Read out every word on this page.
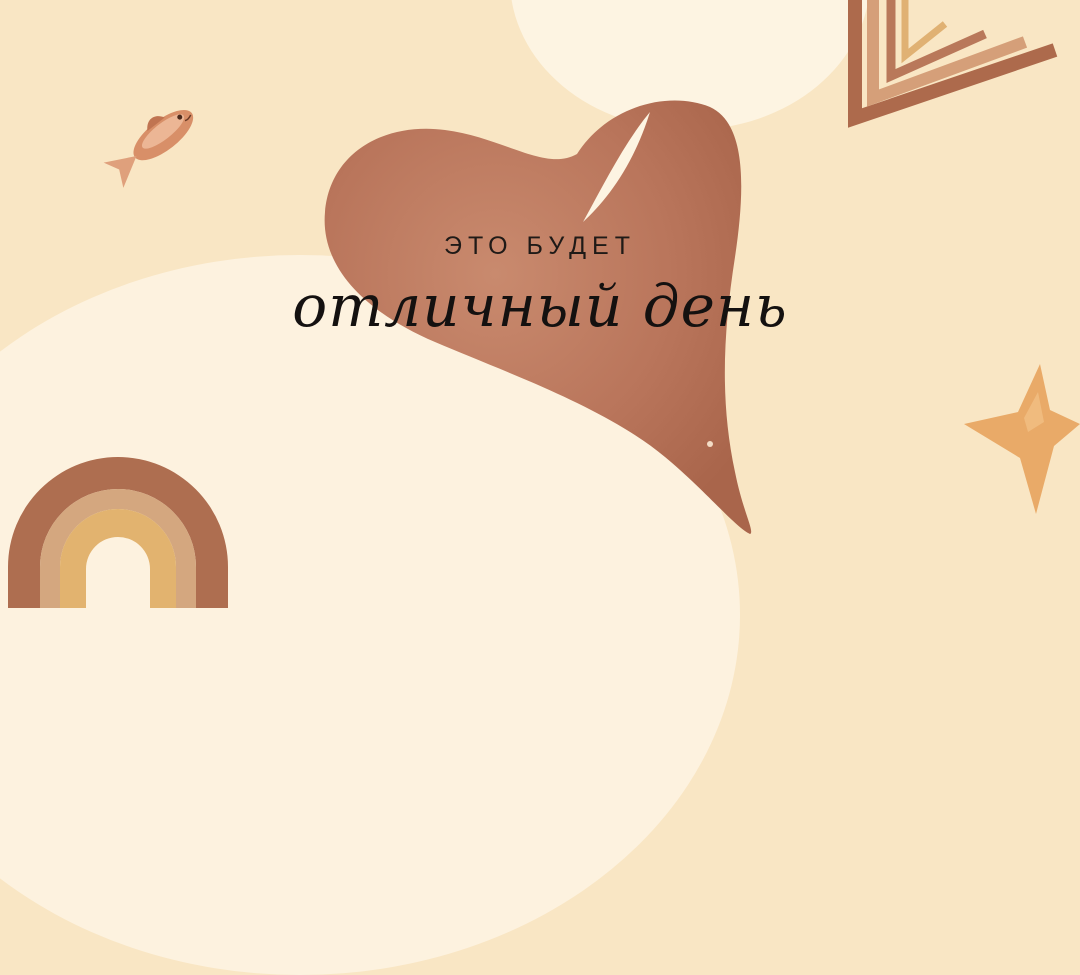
ЭТО БУДЕТ
отличный день
